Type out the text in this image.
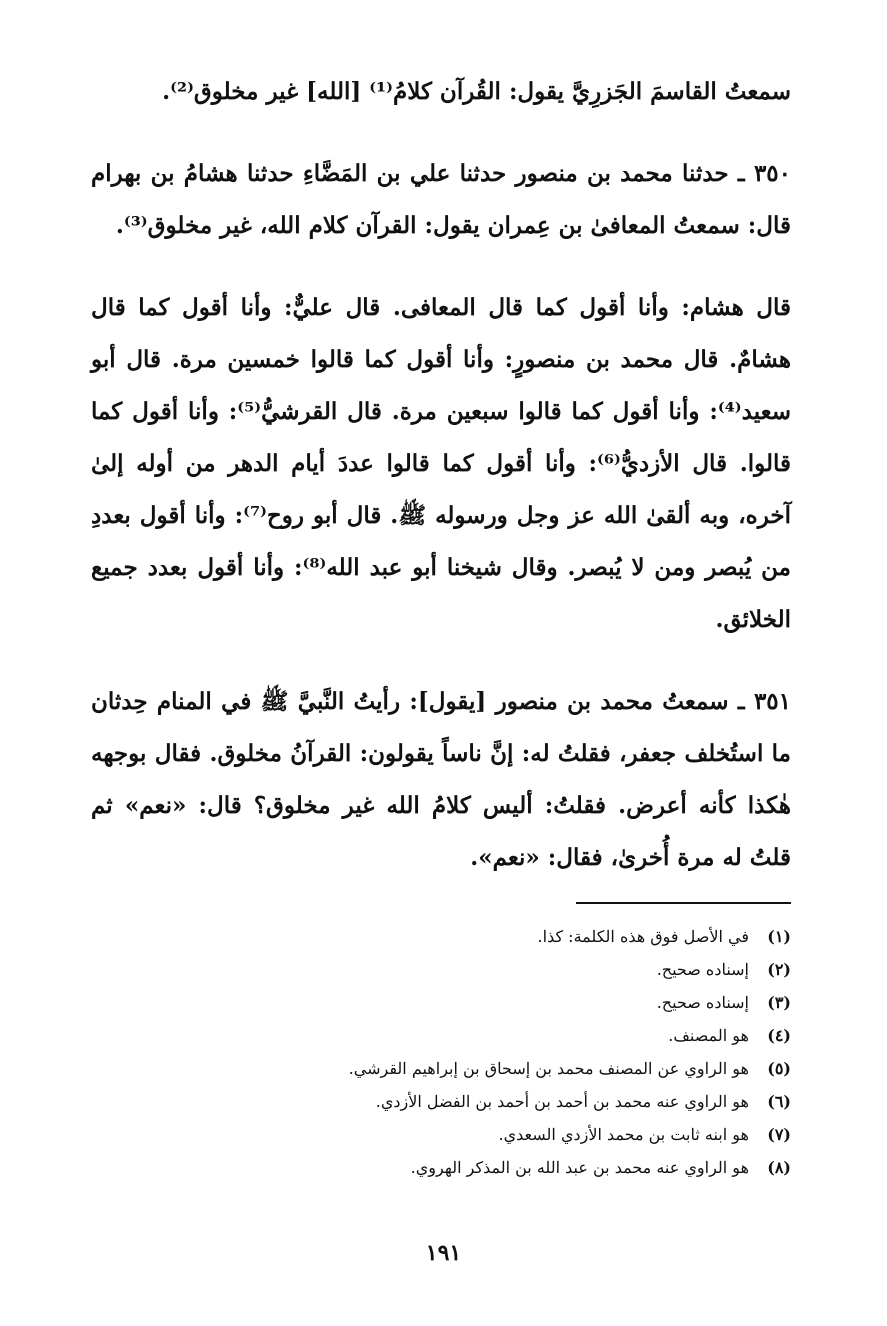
سمعتُ القاسمَ الجَزرِيَّ يقول: القُرآن كلامُ⁽¹⁾ [الله] غير مخلوق⁽²⁾.

٣٥٠ ـ حدثنا محمد بن منصور حدثنا علي بن المَضَّاءِ حدثنا هشامُ بن بهرام قال: سمعتُ المعافىٰ بن عِمران يقول: القرآن كلام الله، غير مخلوق⁽³⁾.

قال هشام: وأنا أقول كما قال المعافى. قال عليٌّ: وأنا أقول كما قال هشامٌ. قال محمد بن منصورٍ: وأنا أقول كما قالوا خمسين مرة. قال أبو سعيد⁽⁴⁾: وأنا أقول كما قالوا سبعين مرة. قال القرشيُّ⁽⁵⁾: وأنا أقول كما قالوا. قال الأزديُّ⁽⁶⁾: وأنا أقول كما قالوا عددَ أيام الدهر من أوله إلىٰ آخره، وبه ألقىٰ الله عز وجل ورسوله ﷺ. قال أبو روح⁽⁷⁾: وأنا أقول بعددِ من يُبصر ومن لا يُبصر. وقال شيخنا أبو عبد الله⁽⁸⁾: وأنا أقول بعدد جميع الخلائق.

٣٥١ ـ سمعتُ محمد بن منصور [يقول]: رأيتُ النَّبيَّ ﷺ في المنام حِدثان ما استُخلف جعفر، فقلتُ له: إنَّ ناساً يقولون: القرآنُ مخلوق. فقال بوجهه هٰكذا كأنه أعرض. فقلتُ: أليس كلامُ الله غير مخلوق؟ قال: «نعم» ثم قلتُ له مرة أُخرىٰ، فقال: «نعم».

(١)
في الأصل فوق هذه الكلمة: كذا.
(٢)
إسناده صحيح.
(٣)
إسناده صحيح.
(٤)
هو المصنف.
(٥)
هو الراوي عن المصنف محمد بن إسحاق بن إبراهيم القرشي.
(٦)
هو الراوي عنه محمد بن أحمد بن أحمد بن الفضل الأزدي.
(٧)
هو ابنه ثابت بن محمد الأزدي السعدي.
(٨)
هو الراوي عنه محمد بن عبد الله بن المذكر الهروي.
١٩١
